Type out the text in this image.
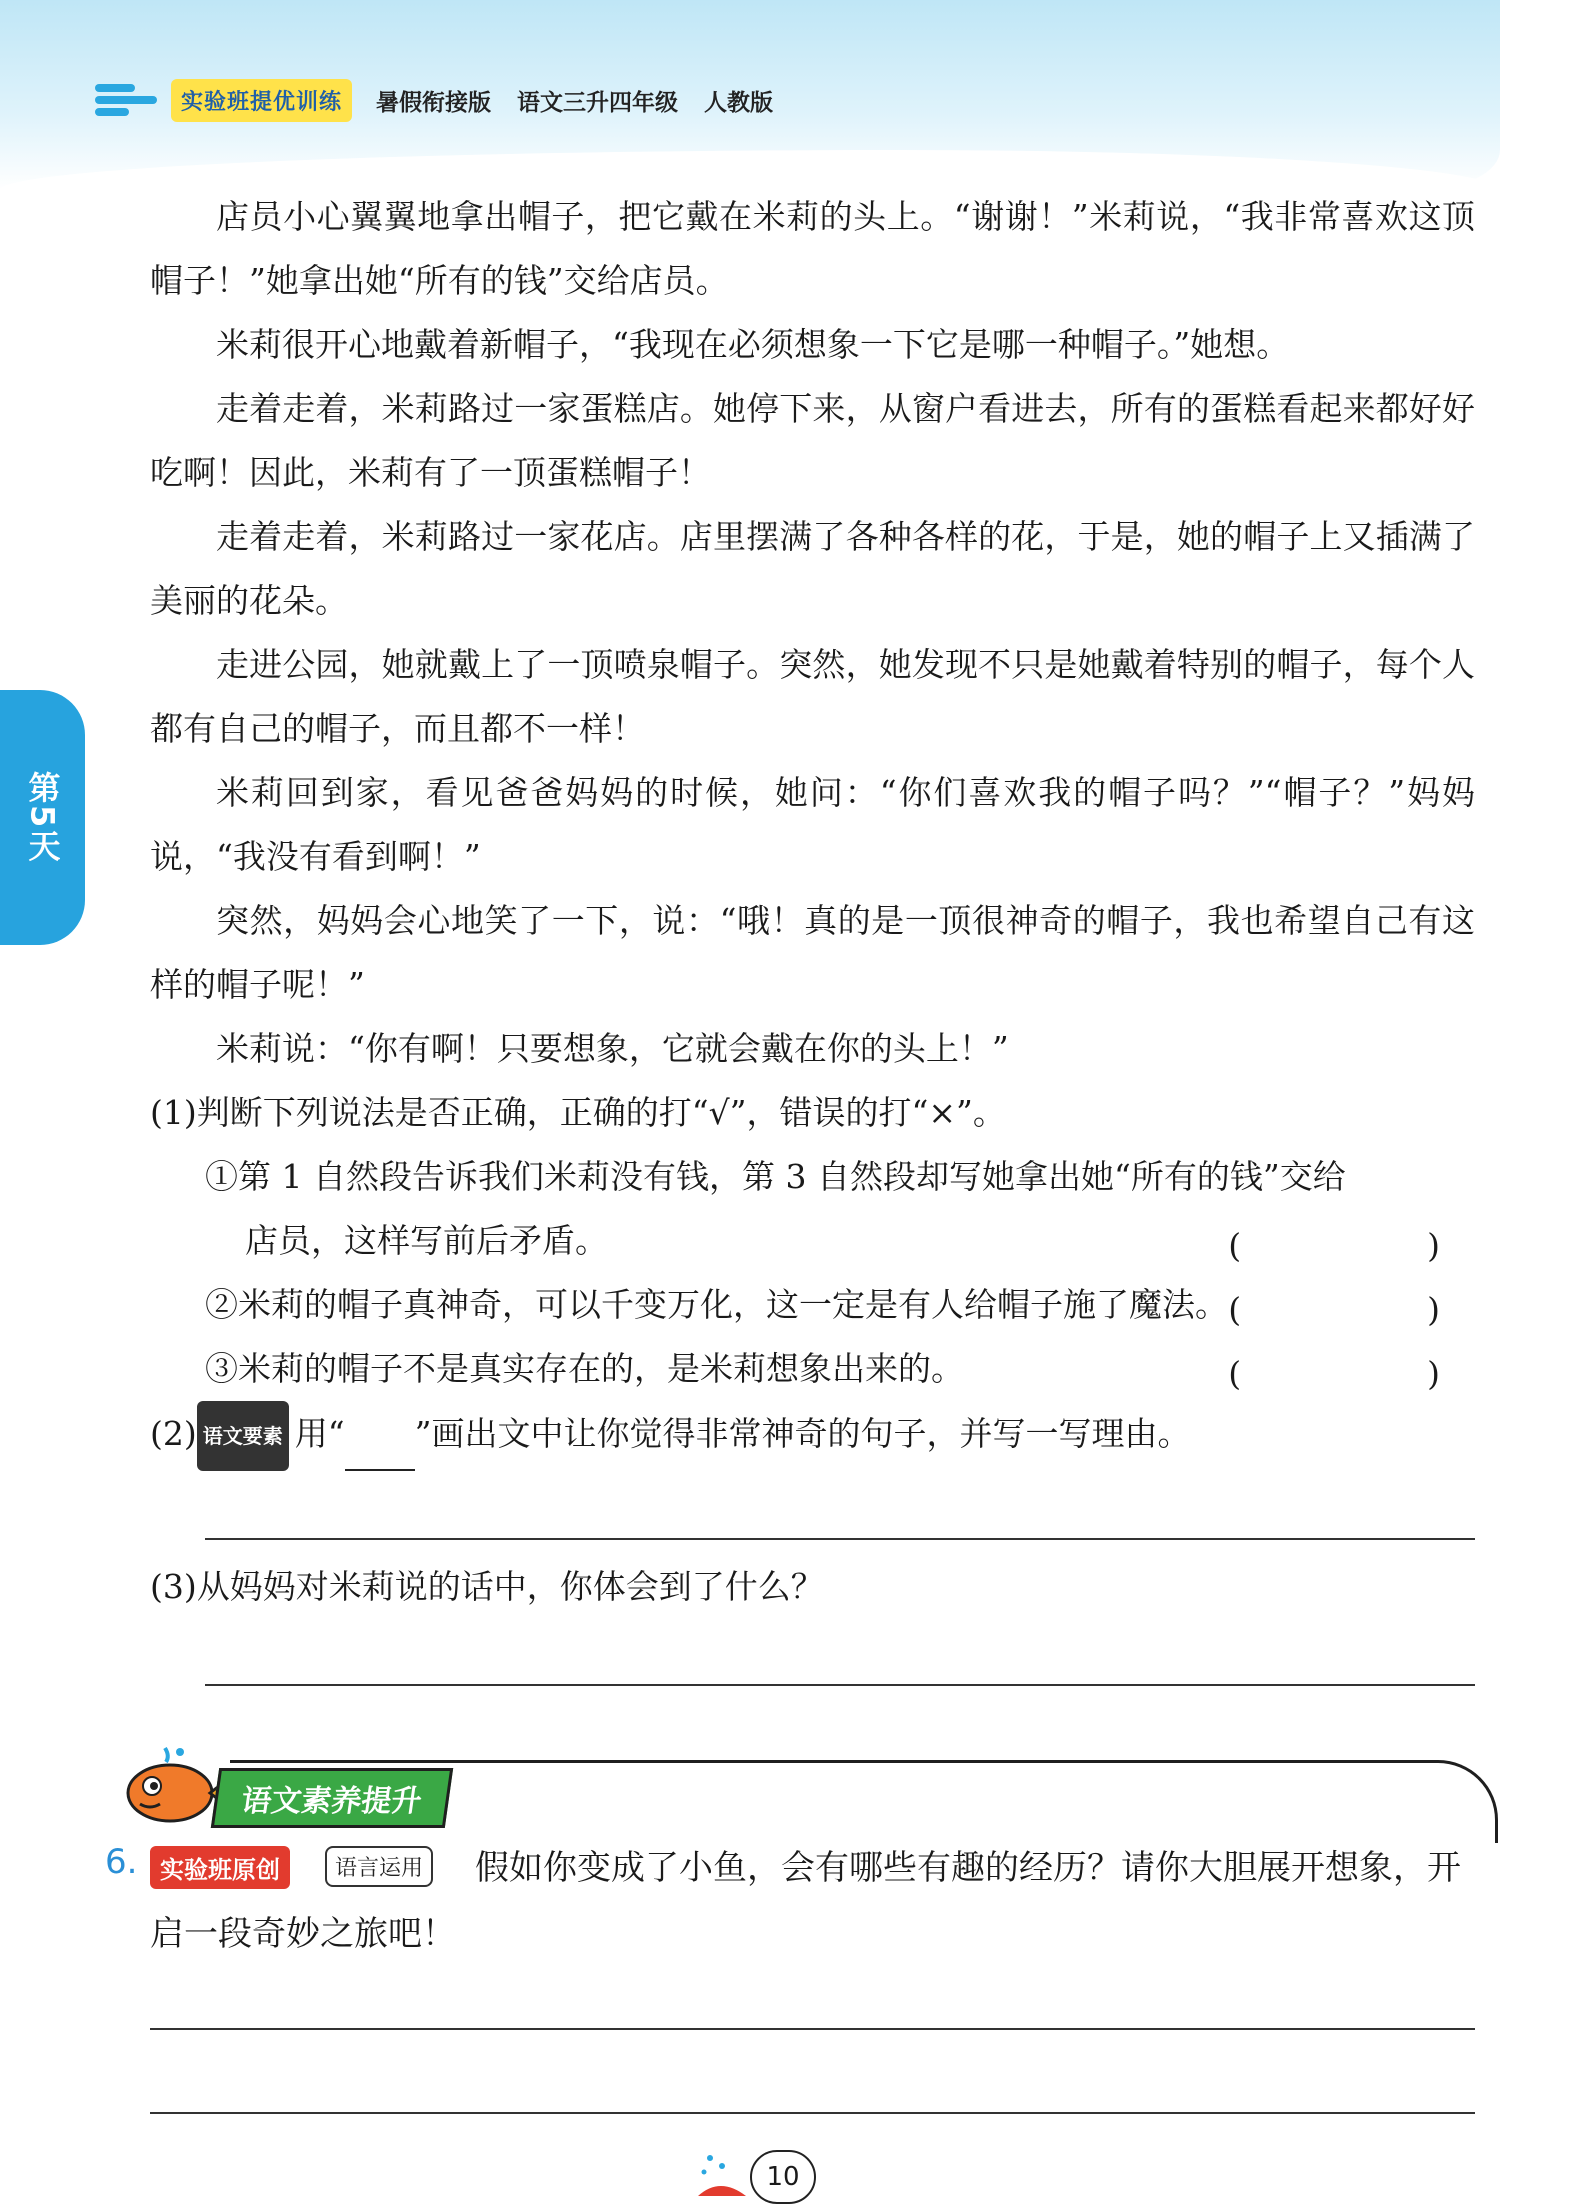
实验班提优训练	暑假衔接版 语文三升四年级 人教版
第5天
店员小心翼翼地拿出帽子，把它戴在米莉的头上。“谢谢！”米莉说，“我非常喜欢这顶帽子！”她拿出她“所有的钱”交给店员。
米莉很开心地戴着新帽子，“我现在必须想象一下它是哪一种帽子。”她想。
走着走着，米莉路过一家蛋糕店。她停下来，从窗户看进去，所有的蛋糕看起来都好好吃啊！因此，米莉有了一顶蛋糕帽子！
走着走着，米莉路过一家花店。店里摆满了各种各样的花，于是，她的帽子上又插满了美丽的花朵。
走进公园，她就戴上了一顶喷泉帽子。突然，她发现不只是她戴着特别的帽子，每个人都有自己的帽子，而且都不一样！
米莉回到家，看见爸爸妈妈的时候，她问：“你们喜欢我的帽子吗？”“帽子？”妈妈说，“我没有看到啊！”
突然，妈妈会心地笑了一下，说：“哦！真的是一顶很神奇的帽子，我也希望自己有这样的帽子呢！”
米莉说：“你有啊！只要想象，它就会戴在你的头上！”
(1)判断下列说法是否正确，正确的打“√”，错误的打“×”。
①第 1 自然段告诉我们米莉没有钱，第 3 自然段却写她拿出她“所有的钱”交给
店员，这样写前后矛盾。	(　　)
②米莉的帽子真神奇，可以千变万化，这一定是有人给帽子施了魔法。 (　　)
③米莉的帽子不是真实存在的，是米莉想象出来的。	(　　)
(2) 语文要素 用“ ”画出文中让你觉得非常神奇的句子，并写一写理由。
(3)从妈妈对米莉说的话中，你体会到了什么？
语文素养提升
假如你变成了小鱼，会有哪些有趣的经历？请你大胆展开想象，开启一段奇妙之旅吧！
6. 实验班原创	语言运用
10
